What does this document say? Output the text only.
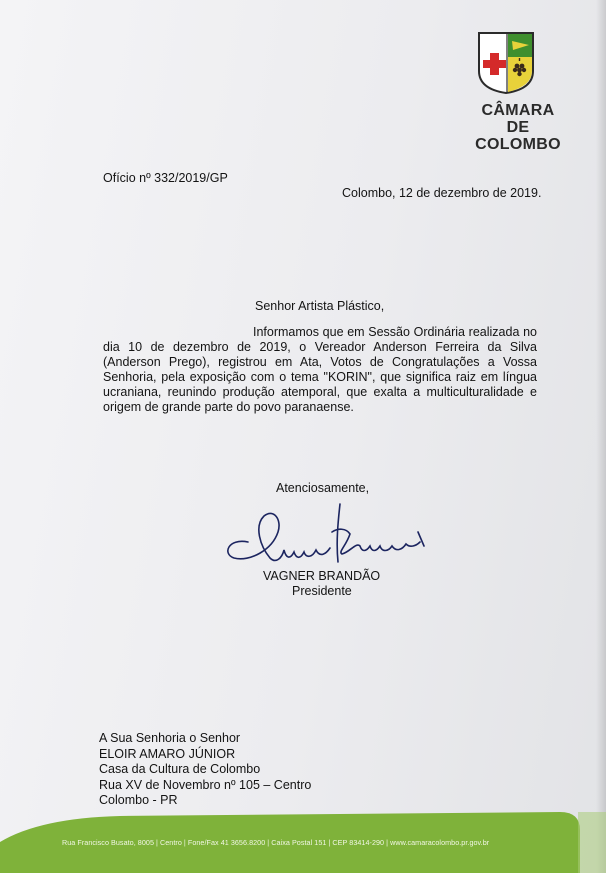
CÂMARA
DE COLOMBO
Ofício nº 332/2019/GP
Colombo, 12 de dezembro de 2019.
Senhor Artista Plástico,
Informamos que em Sessão Ordinária realizada no dia 10 de dezembro de 2019, o Vereador Anderson Ferreira da Silva (Anderson Prego), registrou em Ata, Votos de Congratulações a Vossa Senhoria, pela exposição com o tema "KORIN", que significa raiz em língua ucraniana, reunindo produção atemporal, que exalta a multiculturalidade e origem de grande parte do povo paranaense.
Atenciosamente,
VAGNER BRANDÃO
Presidente
A Sua Senhoria o Senhor
ELOIR AMARO JÚNIOR
Casa da Cultura de Colombo
Rua XV de Novembro nº 105 – Centro
Colombo - PR
Rua Francisco Busato, 8005 | Centro | Fone/Fax 41 3656.8200 | Caixa Postal 151 | CEP 83414-290 | www.camaracolombo.pr.gov.br
